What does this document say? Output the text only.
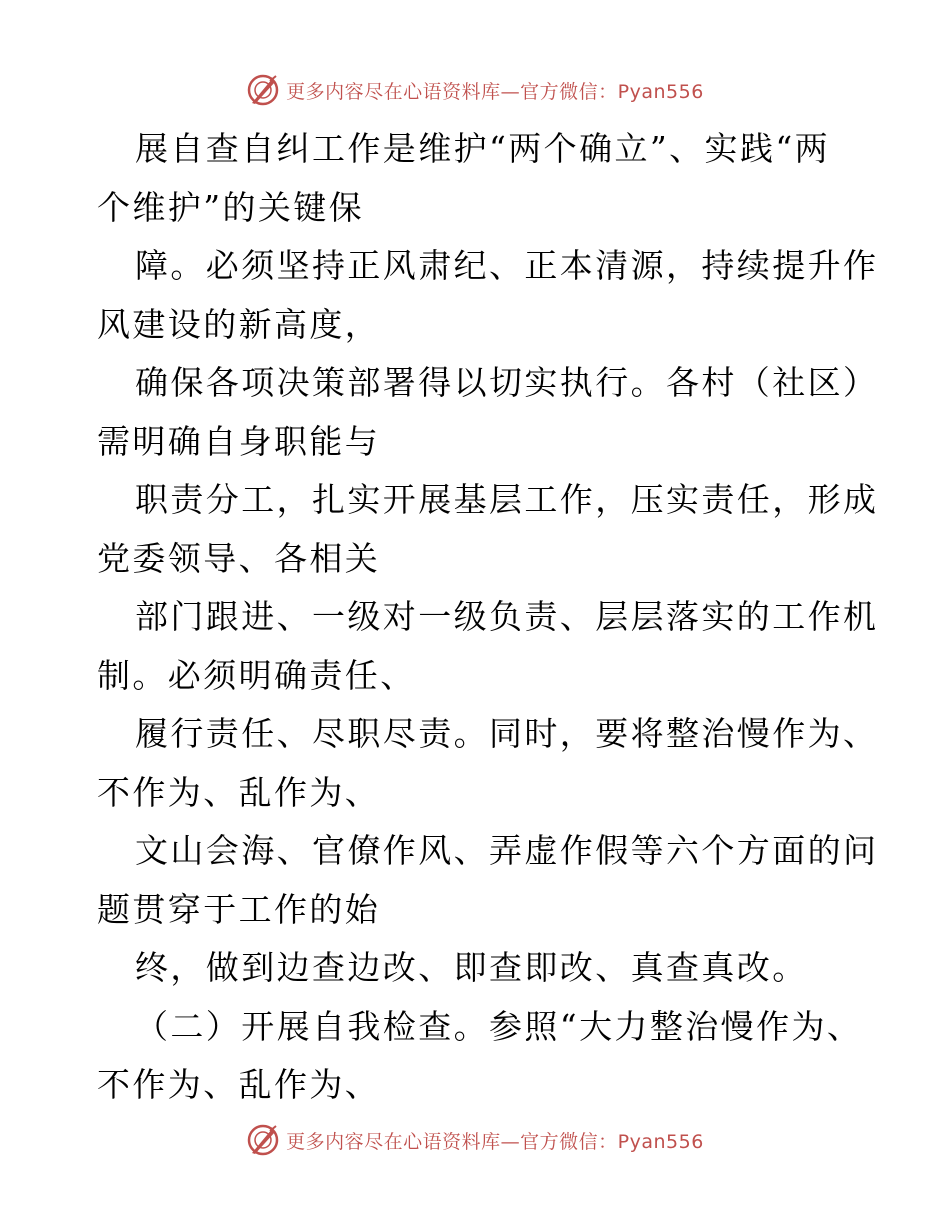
更多内容尽在心语资料库—官方微信：Pyan556
展自查自纠工作是维护“两个确立”、实践“两
个维护”的关键保
障。必须坚持正风肃纪、正本清源，持续提升作
风建设的新高度，
确保各项决策部署得以切实执行。各村（社区）
需明确自身职能与
职责分工，扎实开展基层工作，压实责任，形成
党委领导、各相关
部门跟进、一级对一级负责、层层落实的工作机
制。必须明确责任、
履行责任、尽职尽责。同时，要将整治慢作为、
不作为、乱作为、
文山会海、官僚作风、弄虚作假等六个方面的问
题贯穿于工作的始
终，做到边查边改、即查即改、真查真改。
（二）开展自我检查。参照“大力整治慢作为、
不作为、乱作为、
更多内容尽在心语资料库—官方微信：Pyan556
